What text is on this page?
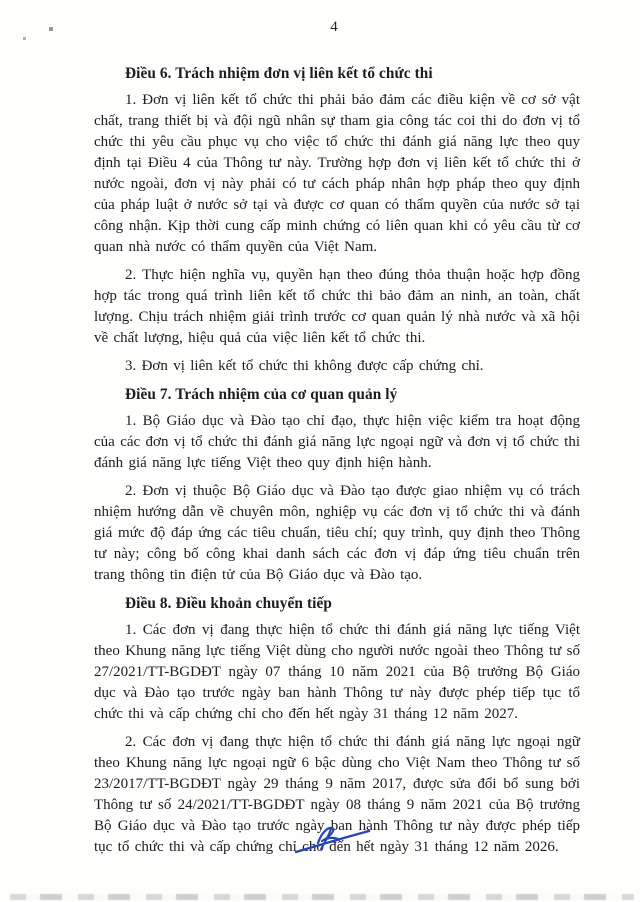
4
Điều 6. Trách nhiệm đơn vị liên kết tổ chức thi

1. Đơn vị liên kết tổ chức thi phải bảo đảm các điều kiện về cơ sở vật chất, trang thiết bị và đội ngũ nhân sự tham gia công tác coi thi do đơn vị tổ chức thi yêu cầu phục vụ cho việc tổ chức thi đánh giá năng lực theo quy định tại Điều 4 của Thông tư này. Trường hợp đơn vị liên kết tổ chức thi ở nước ngoài, đơn vị này phải có tư cách pháp nhân hợp pháp theo quy định của pháp luật ở nước sở tại và được cơ quan có thẩm quyền của nước sở tại công nhận. Kịp thời cung cấp minh chứng có liên quan khi có yêu cầu từ cơ quan nhà nước có thẩm quyền của Việt Nam.

2. Thực hiện nghĩa vụ, quyền hạn theo đúng thỏa thuận hoặc hợp đồng hợp tác trong quá trình liên kết tổ chức thi bảo đảm an ninh, an toàn, chất lượng. Chịu trách nhiệm giải trình trước cơ quan quản lý nhà nước và xã hội về chất lượng, hiệu quả của việc liên kết tổ chức thi.

3. Đơn vị liên kết tổ chức thi không được cấp chứng chỉ.

Điều 7. Trách nhiệm của cơ quan quản lý

1. Bộ Giáo dục và Đào tạo chỉ đạo, thực hiện việc kiểm tra hoạt động của các đơn vị tổ chức thi đánh giá năng lực ngoại ngữ và đơn vị tổ chức thi đánh giá năng lực tiếng Việt theo quy định hiện hành.

2. Đơn vị thuộc Bộ Giáo dục và Đào tạo được giao nhiệm vụ có trách nhiệm hướng dẫn về chuyên môn, nghiệp vụ các đơn vị tổ chức thi và đánh giá mức độ đáp ứng các tiêu chuẩn, tiêu chí; quy trình, quy định theo Thông tư này; công bố công khai danh sách các đơn vị đáp ứng tiêu chuẩn trên trang thông tin điện tử của Bộ Giáo dục và Đào tạo.

Điều 8. Điều khoản chuyển tiếp

1. Các đơn vị đang thực hiện tổ chức thi đánh giá năng lực tiếng Việt theo Khung năng lực tiếng Việt dùng cho người nước ngoài theo Thông tư số 27/2021/TT-BGDĐT ngày 07 tháng 10 năm 2021 của Bộ trưởng Bộ Giáo dục và Đào tạo trước ngày ban hành Thông tư này được phép tiếp tục tổ chức thi và cấp chứng chỉ cho đến hết ngày 31 tháng 12 năm 2027.

2. Các đơn vị đang thực hiện tổ chức thi đánh giá năng lực ngoại ngữ theo Khung năng lực ngoại ngữ 6 bậc dùng cho Việt Nam theo Thông tư số 23/2017/TT-BGDĐT ngày 29 tháng 9 năm 2017, được sửa đổi bổ sung bởi Thông tư số 24/2021/TT-BGDĐT ngày 08 tháng 9 năm 2021 của Bộ trưởng Bộ Giáo dục và Đào tạo trước ngày ban hành Thông tư này được phép tiếp tục tổ chức thi và cấp chứng chỉ cho đến hết ngày 31 tháng 12 năm 2026.
